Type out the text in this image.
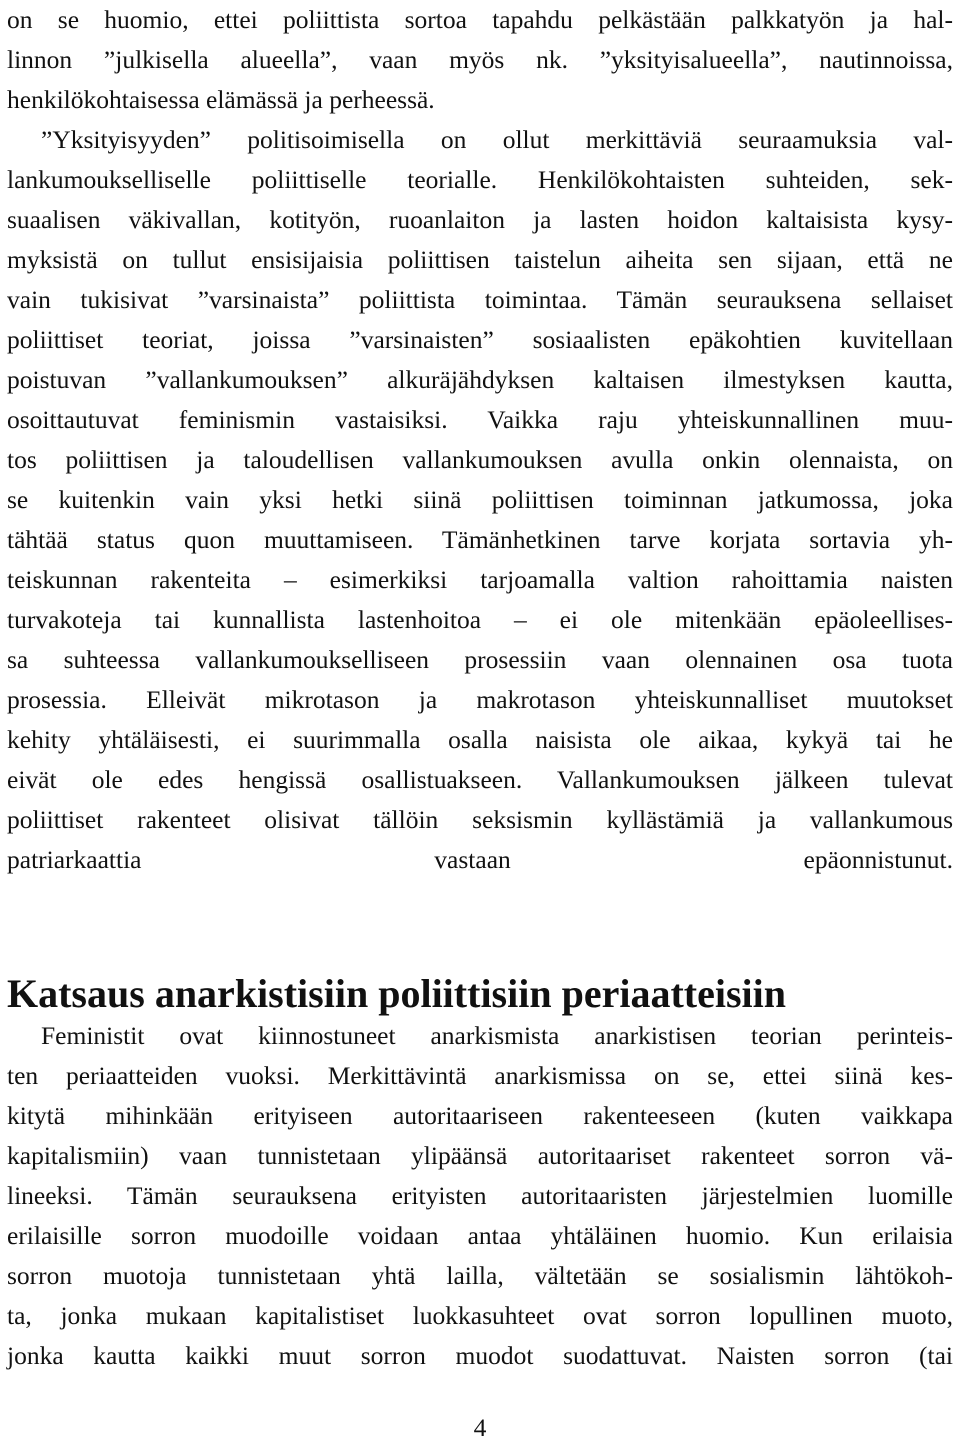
on se huomio, ettei poliittista sortoa tapahdu pelkästään palkkatyön ja hal-
linnon ”julkisella alueella”, vaan myös nk. ”yksityisalueella”, nautinnoissa,
henkilökohtaisessa elämässä ja perheessä.
”Yksityisyyden” politisoimisella on ollut merkittäviä seuraamuksia val-
lankumoukselliselle poliittiselle teorialle. Henkilökohtaisten suhteiden, sek-
suaalisen väkivallan, kotityön, ruoanlaiton ja lasten hoidon kaltaisista kysy-
myksistä on tullut ensisijaisia poliittisen taistelun aiheita sen sijaan, että ne
vain tukisivat ”varsinaista” poliittista toimintaa. Tämän seurauksena sellaiset
poliittiset teoriat, joissa ”varsinaisten” sosiaalisten epäkohtien kuvitellaan
poistuvan ”vallankumouksen” alkuräjähdyksen kaltaisen ilmestyksen kautta,
osoittautuvat feminismin vastaisiksi. Vaikka raju yhteiskunnallinen muu-
tos poliittisen ja taloudellisen vallankumouksen avulla onkin olennaista, on
se kuitenkin vain yksi hetki siinä poliittisen toiminnan jatkumossa, joka
tähtää status quon muuttamiseen. Tämänhetkinen tarve korjata sortavia yh-
teiskunnan rakenteita – esimerkiksi tarjoamalla valtion rahoittamia naisten
turvakoteja tai kunnallista lastenhoitoa – ei ole mitenkään epäoleellises-
sa suhteessa vallankumoukselliseen prosessiin vaan olennainen osa tuota
prosessia. Elleivät mikrotason ja makrotason yhteiskunnalliset muutokset
kehity yhtäläisesti, ei suurimmalla osalla naisista ole aikaa, kykyä tai he
eivät ole edes hengissä osallistuakseen. Vallankumouksen jälkeen tulevat
poliittiset rakenteet olisivat tällöin seksismin kyllästämiä ja vallankumous
patriarkaattia vastaan epäonnistunut.
Katsaus anarkistisiin poliittisiin periaatteisiin
Feministit ovat kiinnostuneet anarkismista anarkistisen teorian perinteis-
ten periaatteiden vuoksi. Merkittävintä anarkismissa on se, ettei siinä kes-
kitytä mihinkään erityiseen autoritaariseen rakenteeseen (kuten vaikkapa
kapitalismiin) vaan tunnistetaan ylipäänsä autoritaariset rakenteet sorron vä-
lineeksi. Tämän seurauksena erityisten autoritaaristen järjestelmien luomille
erilaisille sorron muodoille voidaan antaa yhtäläinen huomio. Kun erilaisia
sorron muotoja tunnistetaan yhtä lailla, vältetään se sosialismin lähtökoh-
ta, jonka mukaan kapitalistiset luokkasuhteet ovat sorron lopullinen muoto,
jonka kautta kaikki muut sorron muodot suodattuvat. Naisten sorron (tai
4
